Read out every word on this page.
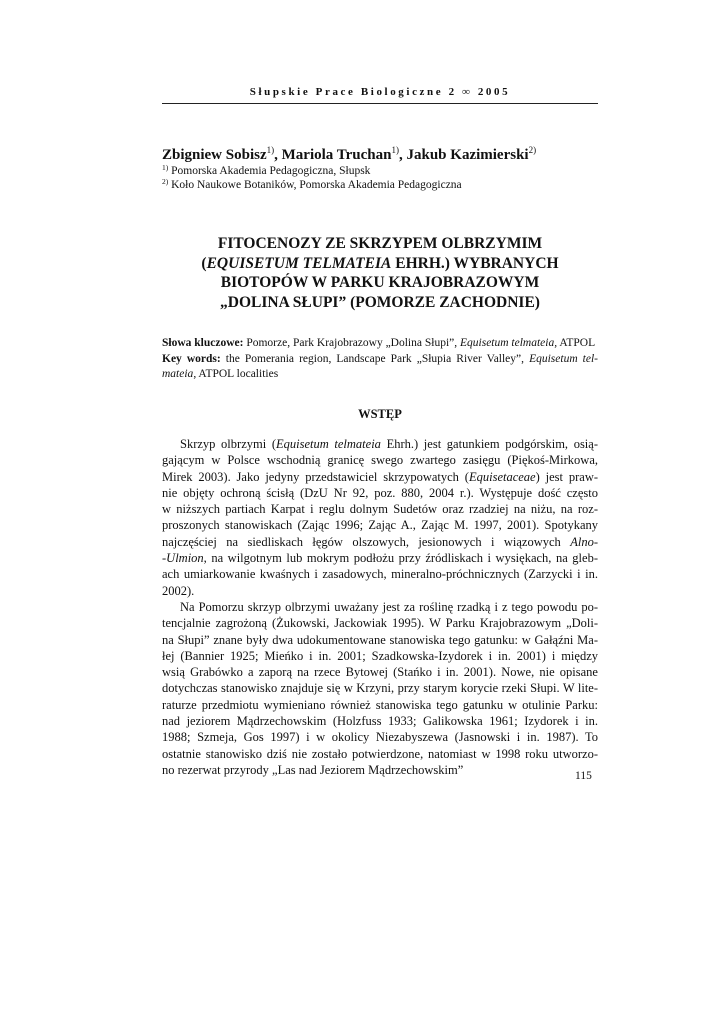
Słupskie Prace Biologiczne 2 ∞ 2005
Zbigniew Sobisz$^{1)}$, Mariola Truchan$^{1)}$, Jakub Kazimierski$^{2)}$
$^{1)}$ Pomorska Akademia Pedagogiczna, Słupsk
$^{2)}$ Koło Naukowe Botaników, Pomorska Akademia Pedagogiczna
FITOCENOZY ZE SKRZYPEM OLBRZYMIM
(EQUISETUM TELMATEIA EHRH.) WYBRANYCH
BIOTOPÓW W PARKU KRAJOBRAZOWYM
„DOLINA SŁUPI” (POMORZE ZACHODNIE)
Słowa kluczowe: Pomorze, Park Krajobrazowy „Dolina Słupi”, Equisetum telmateia, ATPOL
Key words: the Pomerania region, Landscape Park „Słupia River Valley”, Equisetum tel-
mateia, ATPOL localities
WSTĘP
Skrzyp olbrzymi (Equisetum telmateia Ehrh.) jest gatunkiem podgórskim, osią-
gającym w Polsce wschodnią granicę swego zwartego zasięgu (Piękoś-Mirkowa,
Mirek 2003). Jako jedyny przedstawiciel skrzypowatych (Equisetaceae) jest praw-
nie objęty ochroną ścisłą (DzU Nr 92, poz. 880, 2004 r.). Występuje dość często
w niższych partiach Karpat i reglu dolnym Sudetów oraz rzadziej na niżu, na roz-
proszonych stanowiskach (Zając 1996; Zając A., Zając M. 1997, 2001). Spotykany
najczęściej na siedliskach łęgów olszowych, jesionowych i wiązowych Alno-
-Ulmion, na wilgotnym lub mokrym podłożu przy źródliskach i wysiękach, na gleb-
ach umiarkowanie kwaśnych i zasadowych, mineralno-próchnicznych (Zarzycki i in.
2002).
Na Pomorzu skrzyp olbrzymi uważany jest za roślinę rzadką i z tego powodu po-
tencjalnie zagrożoną (Żukowski, Jackowiak 1995). W Parku Krajobrazowym „Doli-
na Słupi” znane były dwa udokumentowane stanowiska tego gatunku: w Gałąźni Ma-
łej (Bannier 1925; Mieńko i in. 2001; Szadkowska-Izydorek i in. 2001) i między
wsią Grabówko a zaporą na rzece Bytowej (Stańko i in. 2001). Nowe, nie opisane
dotychczas stanowisko znajduje się w Krzyni, przy starym korycie rzeki Słupi. W lite-
raturze przedmiotu wymieniano również stanowiska tego gatunku w otulinie Parku:
nad jeziorem Mądrzechowskim (Holzfuss 1933; Galikowska 1961; Izydorek i in.
1988; Szmeja, Gos 1997) i w okolicy Niezabyszewa (Jasnowski i in. 1987). To
ostatnie stanowisko dziś nie zostało potwierdzone, natomiast w 1998 roku utworzo-
no rezerwat przyrody „Las nad Jeziorem Mądrzechowskim”	115
